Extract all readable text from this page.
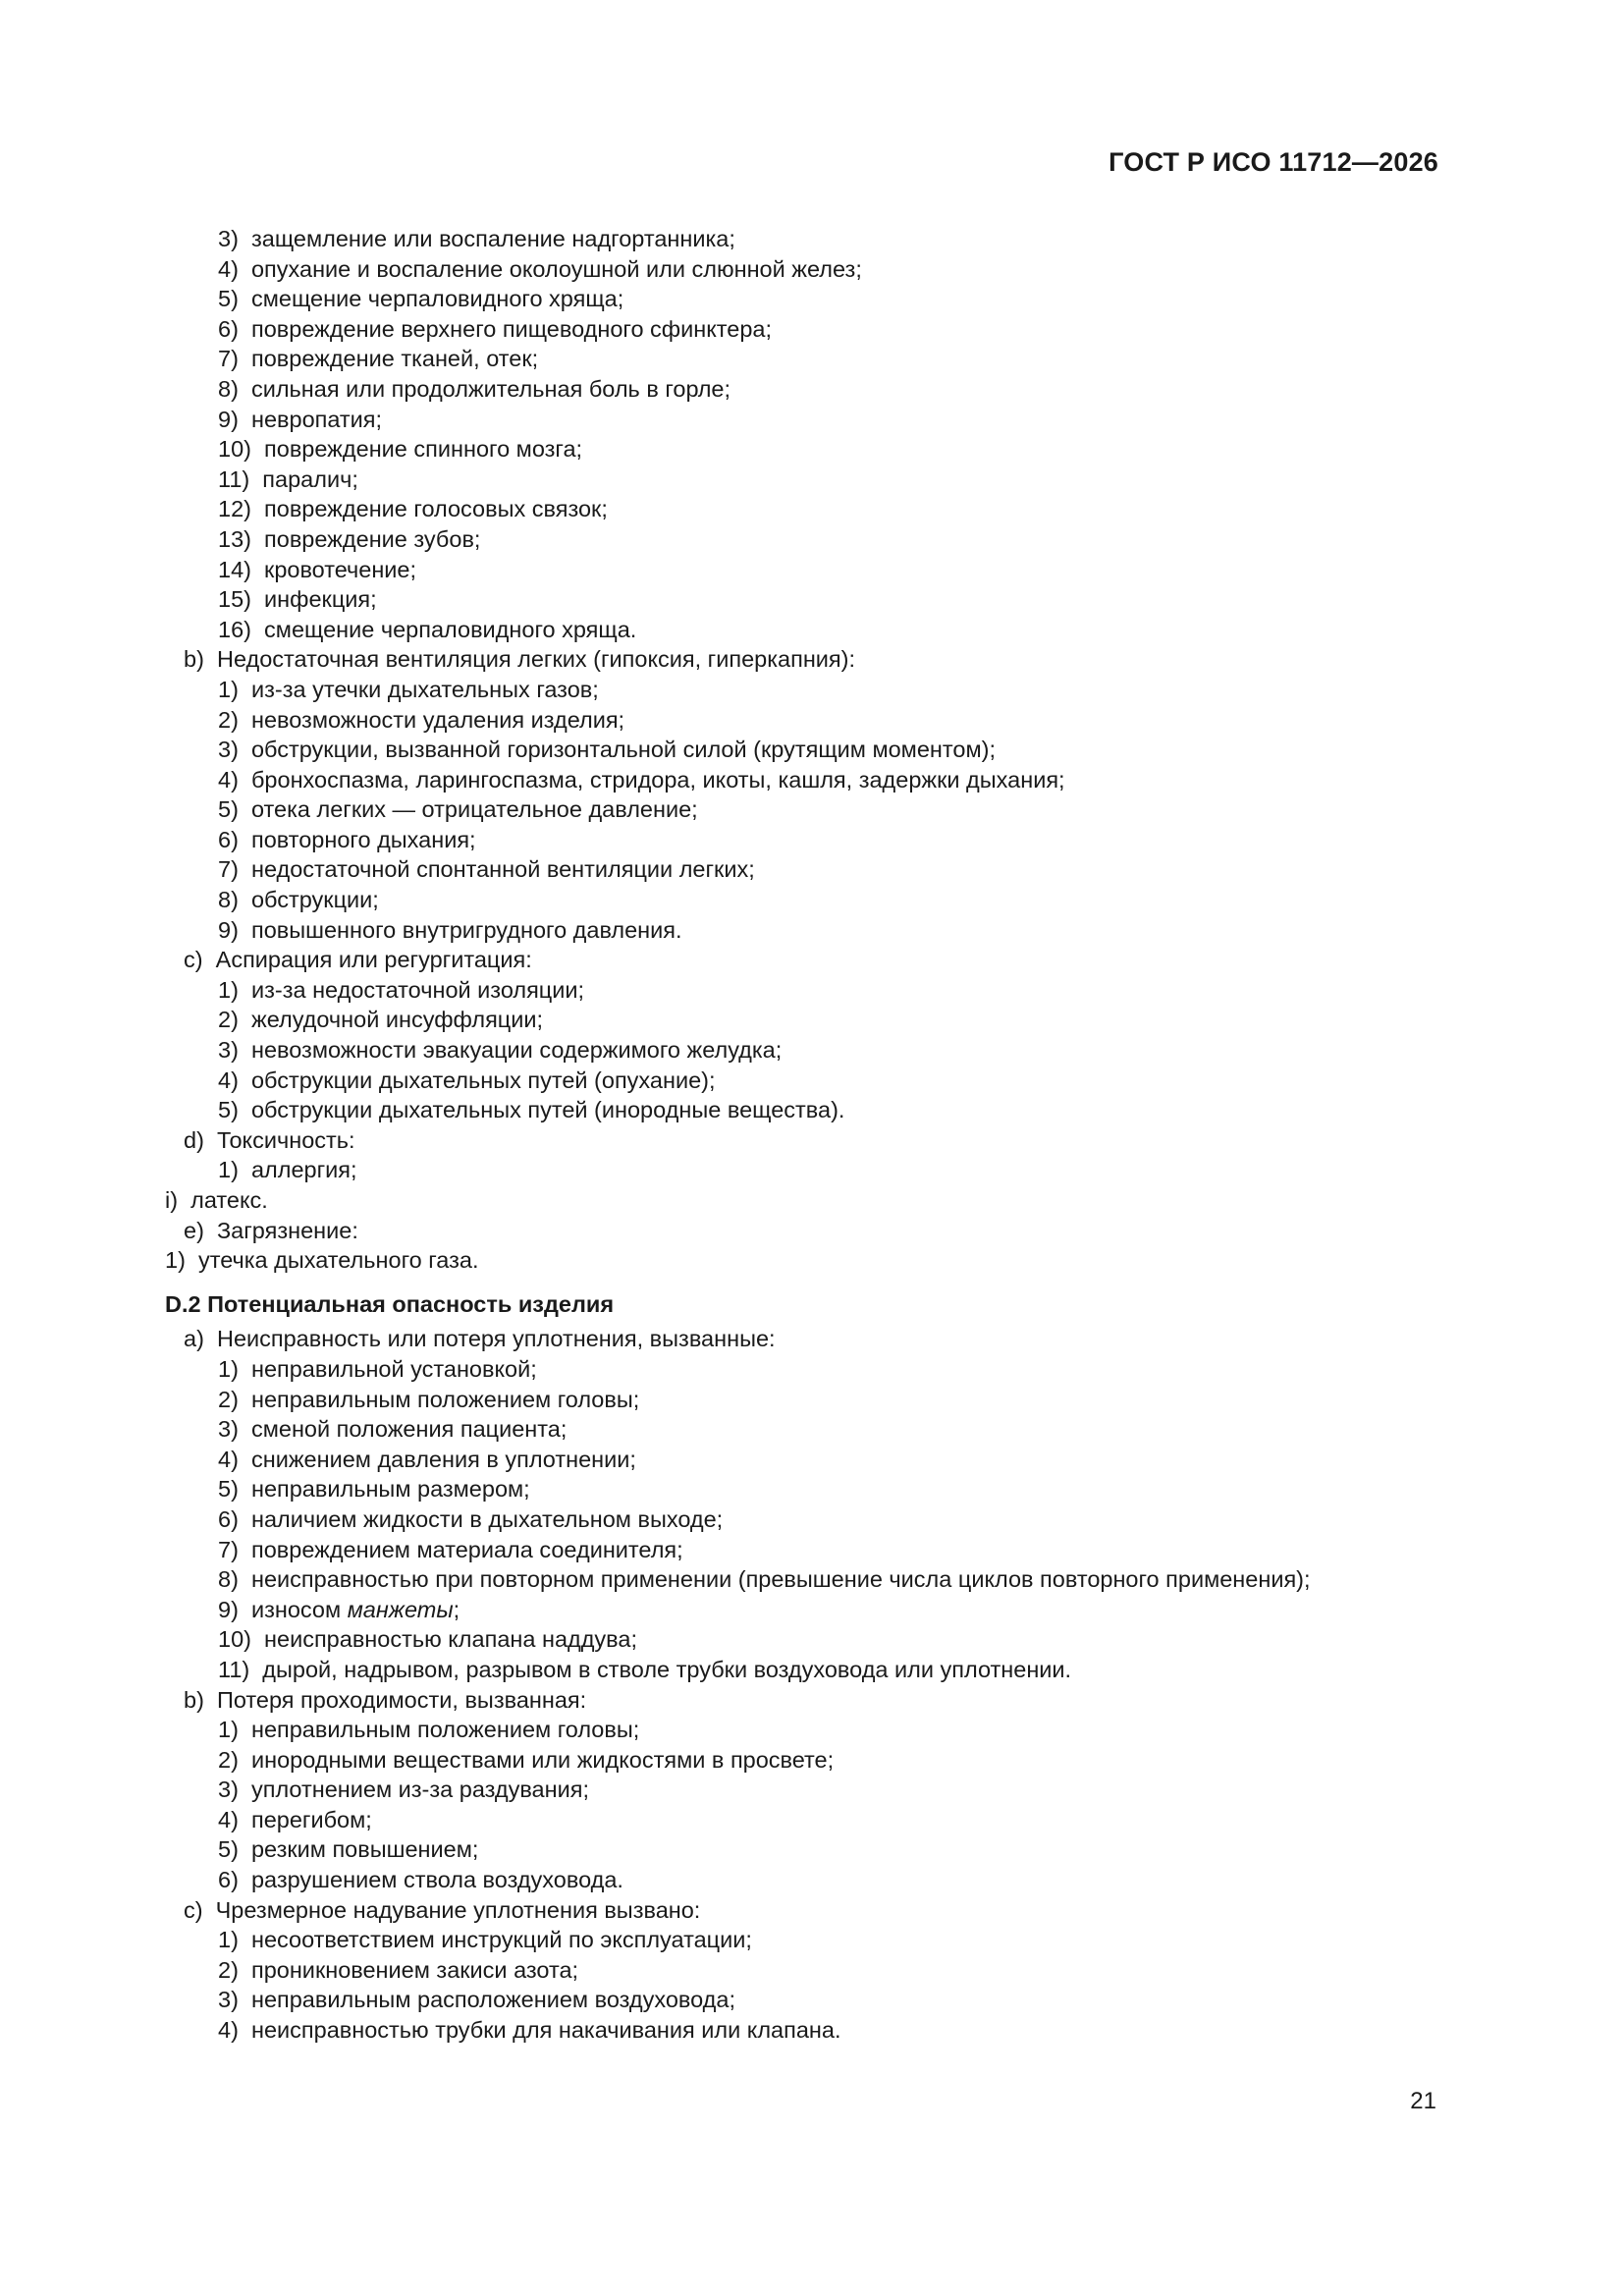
ГОСТ Р ИСО 11712—2026
3) защемление или воспаление надгортанника;
4) опухание и воспаление околоушной или слюнной желез;
5) смещение черпаловидного хряща;
6) повреждение верхнего пищеводного сфинктера;
7) повреждение тканей, отек;
8) сильная или продолжительная боль в горле;
9) невропатия;
10) повреждение спинного мозга;
11) паралич;
12) повреждение голосовых связок;
13) повреждение зубов;
14) кровотечение;
15) инфекция;
16) смещение черпаловидного хряща.
b) Недостаточная вентиляция легких (гипоксия, гиперкапния):
1) из-за утечки дыхательных газов;
2) невозможности удаления изделия;
3) обструкции, вызванной горизонтальной силой (крутящим моментом);
4) бронхоспазма, ларингоспазма, стридора, икоты, кашля, задержки дыхания;
5) отека легких — отрицательное давление;
6) повторного дыхания;
7) недостаточной спонтанной вентиляции легких;
8) обструкции;
9) повышенного внутригрудного давления.
c) Аспирация или регургитация:
1) из-за недостаточной изоляции;
2) желудочной инсуффляции;
3) невозможности эвакуации содержимого желудка;
4) обструкции дыхательных путей (опухание);
5) обструкции дыхательных путей (инородные вещества).
d) Токсичность:
1) аллергия;
i) латекс.
e) Загрязнение:
1) утечка дыхательного газа.
D.2 Потенциальная опасность изделия
a) Неисправность или потеря уплотнения, вызванные:
1) неправильной установкой;
2) неправильным положением головы;
3) сменой положения пациента;
4) снижением давления в уплотнении;
5) неправильным размером;
6) наличием жидкости в дыхательном выходе;
7) повреждением материала соединителя;
8) неисправностью при повторном применении (превышение числа циклов повторного применения);
9) износом манжеты;
10) неисправностью клапана наддува;
11) дырой, надрывом, разрывом в стволе трубки воздуховода или уплотнении.
b) Потеря проходимости, вызванная:
1) неправильным положением головы;
2) инородными веществами или жидкостями в просвете;
3) уплотнением из-за раздувания;
4) перегибом;
5) резким повышением;
6) разрушением ствола воздуховода.
c) Чрезмерное надувание уплотнения вызвано:
1) несоответствием инструкций по эксплуатации;
2) проникновением закиси азота;
3) неправильным расположением воздуховода;
4) неисправностью трубки для накачивания или клапана.
21
